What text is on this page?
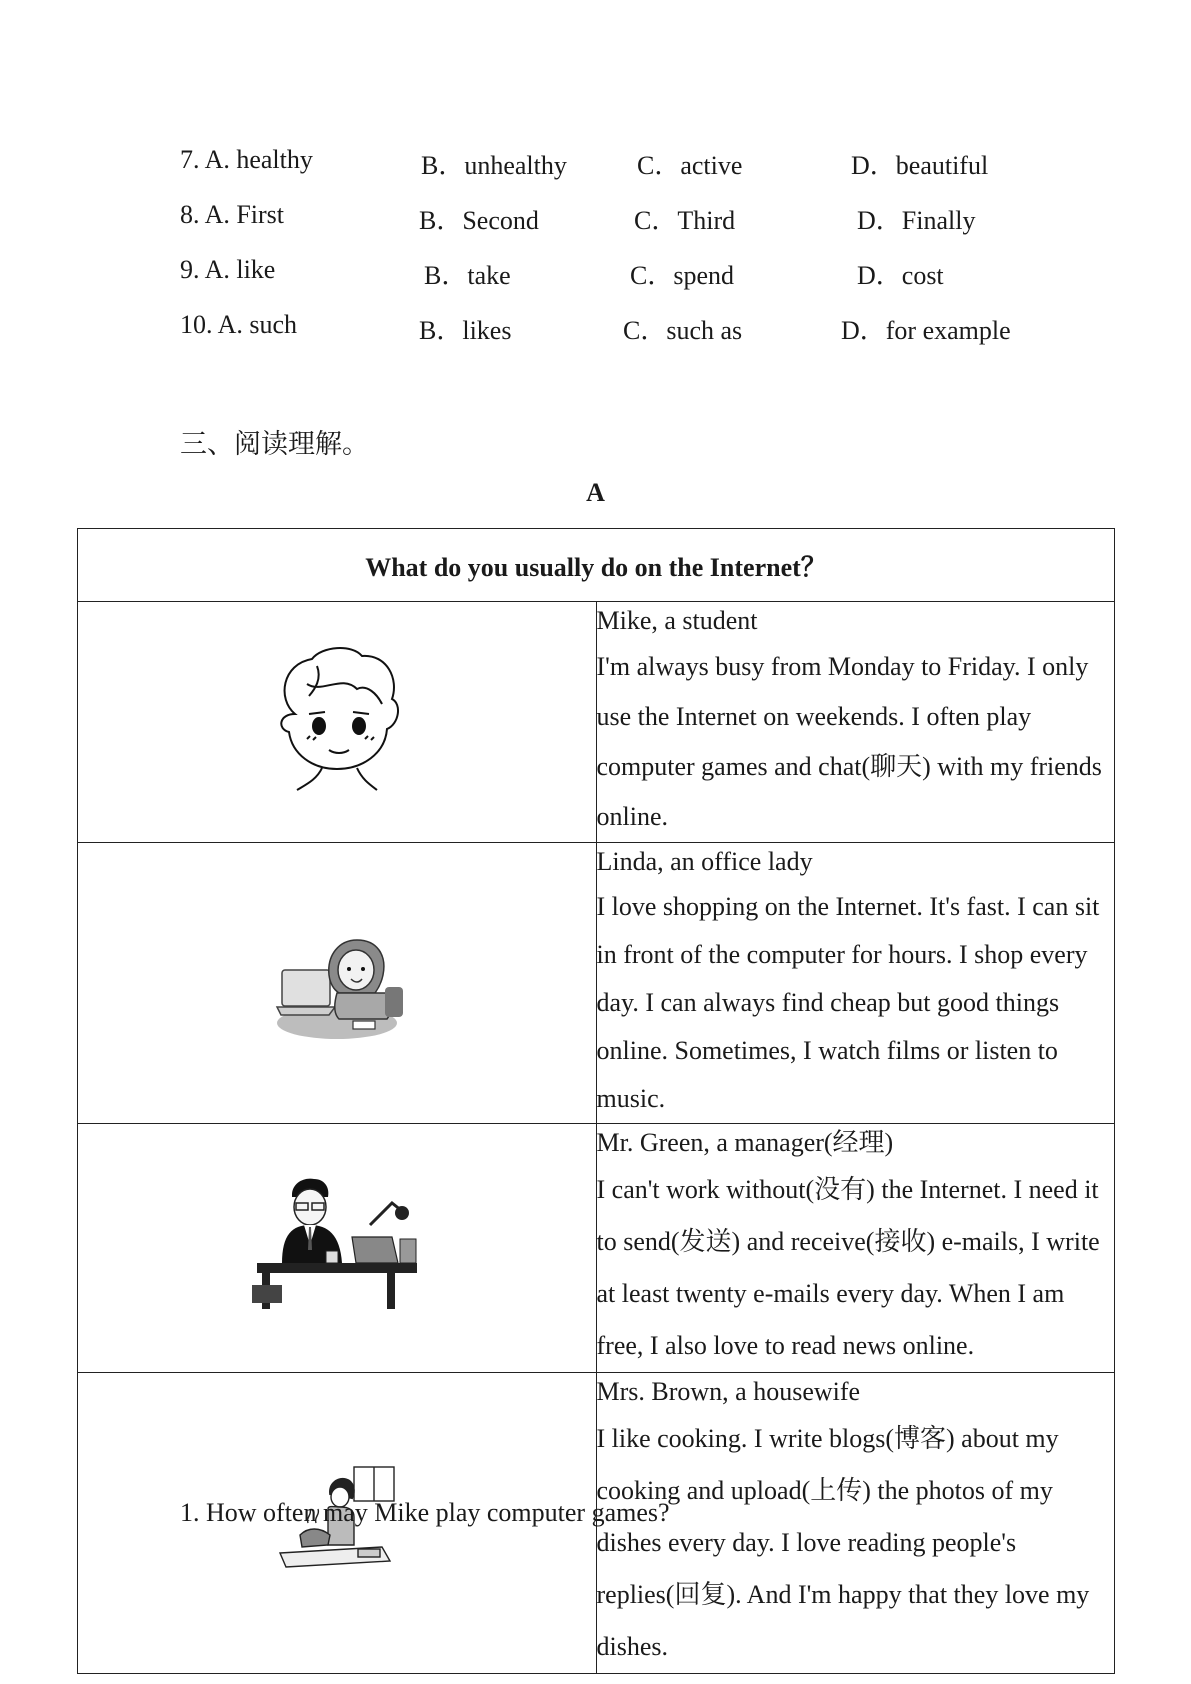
7. A. healthy	B．unhealthy	C．active	D．beautiful
8. A. First	B．Second	C．Third	D．Finally
9. A. like	B．take	C．spend	D．cost
10. A. such	B．likes	C．such as	D．for example
三、阅读理解。
A
What do you usually do on the Internet？	

Mike, a student
I'm always busy from Monday to Friday. I only use the Internet on weekends. I often play computer games and chat(聊天) with my friends online.

Linda, an office lady
I love shopping on the Internet. It's fast. I can sit in front of the computer for hours. I shop every day. I can always find cheap but good things online. Sometimes, I watch films or listen to music.

Mr. Green, a manager(经理)
I can't work without(没有) the Internet. I need it to send(发送) and receive(接收) e-mails, I write at least twenty e-mails every day. When I am free, I also love to read news online.

Mrs. Brown, a housewife
I like cooking. I write blogs(博客) about my cooking and upload(上传) the photos of my dishes every day. I love reading people's replies(回复). And I'm happy that they love my dishes.
1. How often may Mike play computer games?
